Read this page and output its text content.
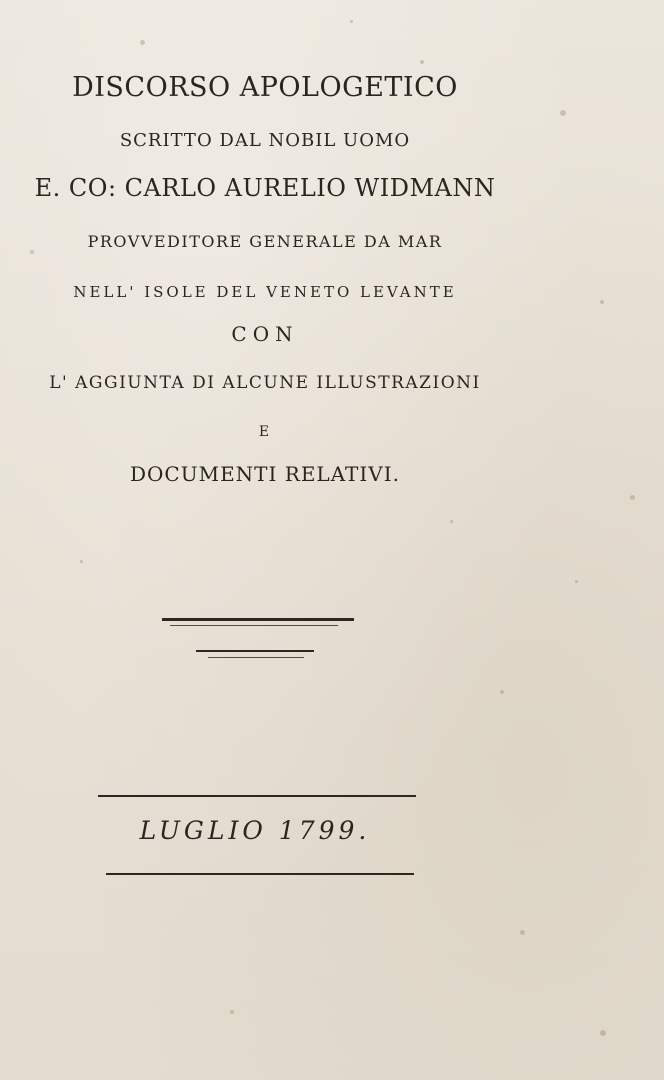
DISCORSO APOLOGETICO
SCRITTO DAL NOBIL UOMO
E. CO: CARLO AURELIO WIDMANN
PROVVEDITORE GENERALE DA MAR
NELL' ISOLE DEL VENETO LEVANTE
CON
L' AGGIUNTA DI ALCUNE ILLUSTRAZIONI
E
DOCUMENTI RELATIVI.
LUGLIO 1799.
